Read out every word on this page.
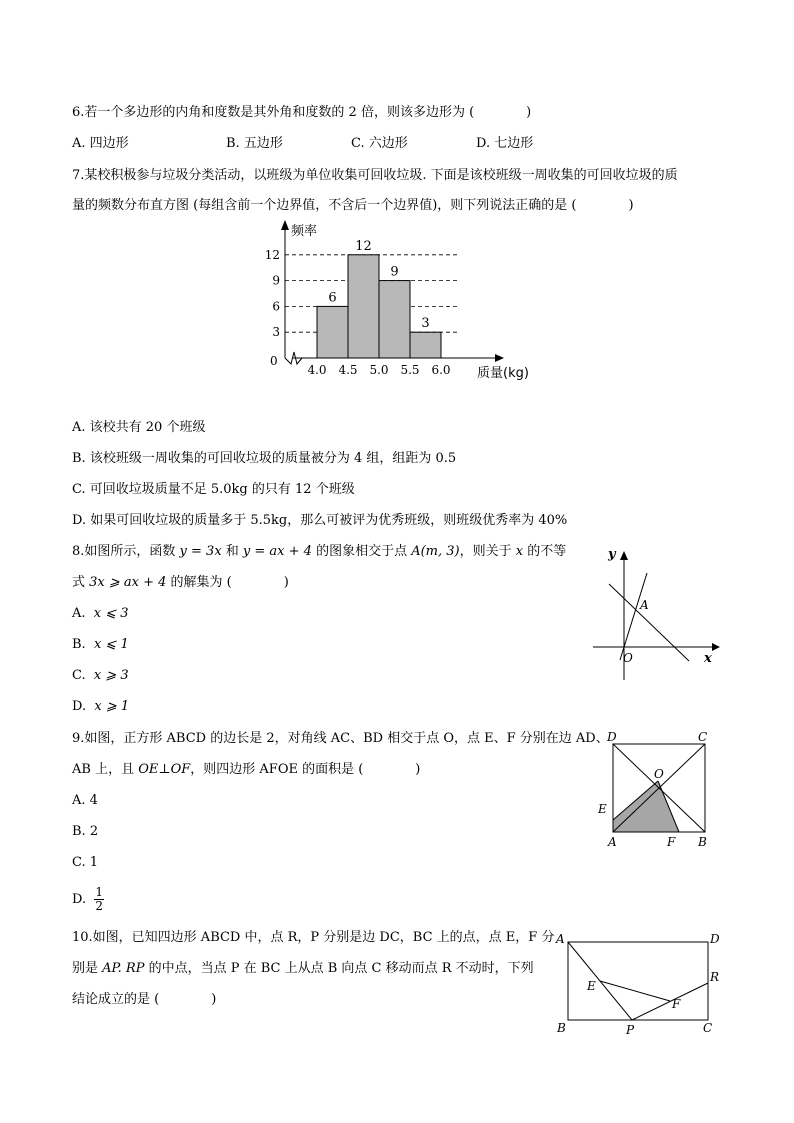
6.若一个多边形的内角和度数是其外角和度数的 2 倍，则该多边形为 (　　　　)
A. 四边形	B. 五边形	C. 六边形	D. 七边形
7.某校积极参与垃圾分类活动，以班级为单位收集可回收垃圾. 下面是该校班级一周收集的可回收垃圾的质
量的频数分布直方图 (每组含前一个边界值，不含后一个边界值)，则下列说法正确的是 (　　　　)
3
6
9
12
6
12
9
3
4.0 4.5 5.0 5.5 6.0
频率
质量(kg)
0
A. 该校共有 20 个班级
B. 该校班级一周收集的可回收垃圾的质量被分为 4 组，组距为 0.5
C. 可回收垃圾质量不足 5.0kg 的只有 12 个班级
D. 如果可回收垃圾的质量多于 5.5kg，那么可被评为优秀班级，则班级优秀率为 40%
8.如图所示，函数 y = 3x 和 y = ax + 4 的图象相交于点 A(m, 3)，则关于 x 的不等
式 3x ⩾ ax + 4 的解集为 (　　　　)
A. x ⩽ 3
B. x ⩽ 1
C. x ⩾ 3
D. x ⩾ 1
y
x
A
O
9.如图，正方形 ABCD 的边长是 2，对角线 AC、BD 相交于点 O，点 E、F 分别在边 AD、
AB 上，且 OE⊥OF，则四边形 AFOE 的面积是 (　　　　)
A. 4
B. 2
C. 1
D. $\frac{1}{2}$
D	C
O
E
A	F B
10.如图，已知四边形 ABCD 中，点 R，P 分别是边 DC，BC 上的点，点 E，F 分
别是 AP. RP 的中点，当点 P 在 BC 上从点 B 向点 C 移动而点 R 不动时，下列
结论成立的是 (　　　　)
A	D
R
E
F
B	P	C
